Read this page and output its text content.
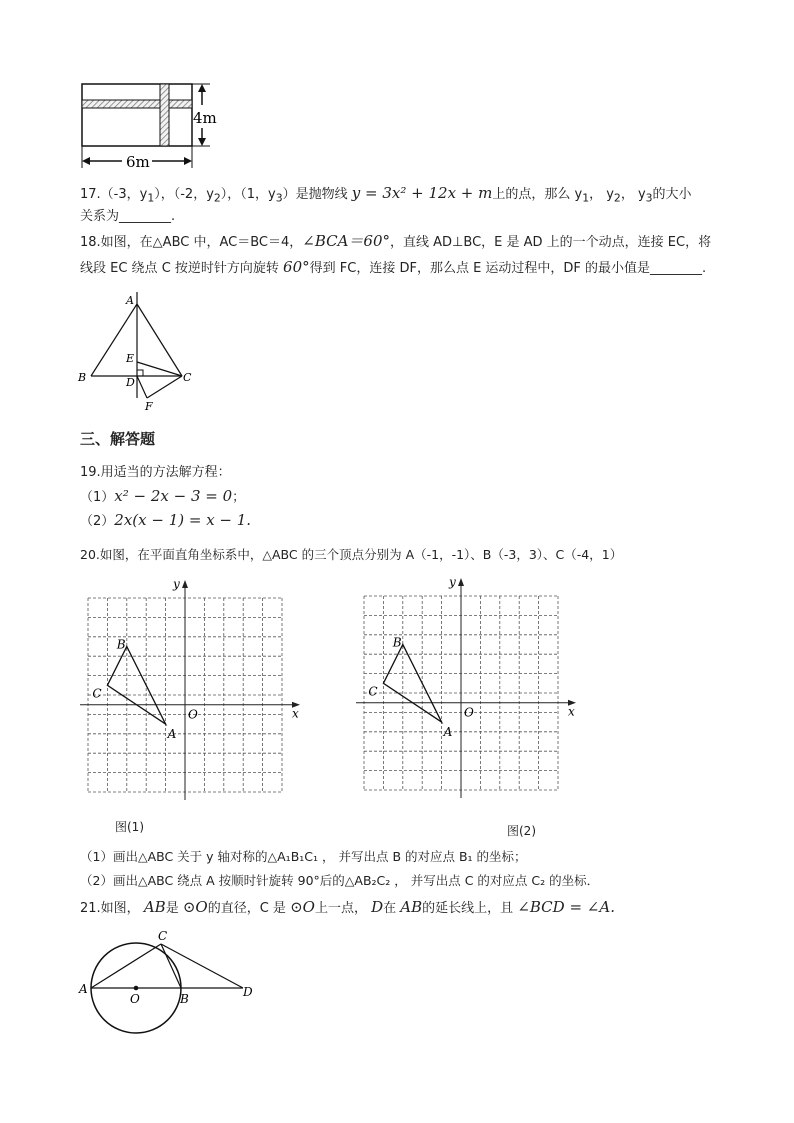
4m
6m
17.（-3，$y_1$），（-2，$y_2$），（1，$y_3$）是抛物线 y = 3x² + 12x + m上的点，那么 $y_1$， $y_2$， $y_3$的大小
关系为________.
18.如图，在△ABC 中，AC＝BC＝4，∠BCA＝60°，直线 AD⊥BC，E 是 AD 上的一个动点，连接 EC，将
线段 EC 绕点 C 按逆时针方向旋转 60°得到 FC，连接 DF，那么点 E 运动过程中，DF 的最小值是________.
A
B	C
D
E
F
三、解答题
19.用适当的方法解方程：
（1）x² − 2x − 3 = 0；
（2）2x(x − 1) = x − 1.
20.如图，在平面直角坐标系中，△ABC 的三个顶点分别为 A（-1，-1）、B（-3，3）、C（-4，1）
x
y
O
A
B
C
x
y
O
A
B
C
图(1)	图(2)
（1）画出△ABC 关于 y 轴对称的△A₁B₁C₁ ， 并写出点 B 的对应点 B₁ 的坐标；
（2）画出△ABC 绕点 A 按顺时针旋转 90°后的△AB₂C₂ ， 并写出点 C 的对应点 C₂ 的坐标．
21.如图， AB是 ⊙O的直径，C 是 ⊙O上一点， D在 AB的延长线上，且 ∠BCD = ∠A.
A
O	B
C
D
